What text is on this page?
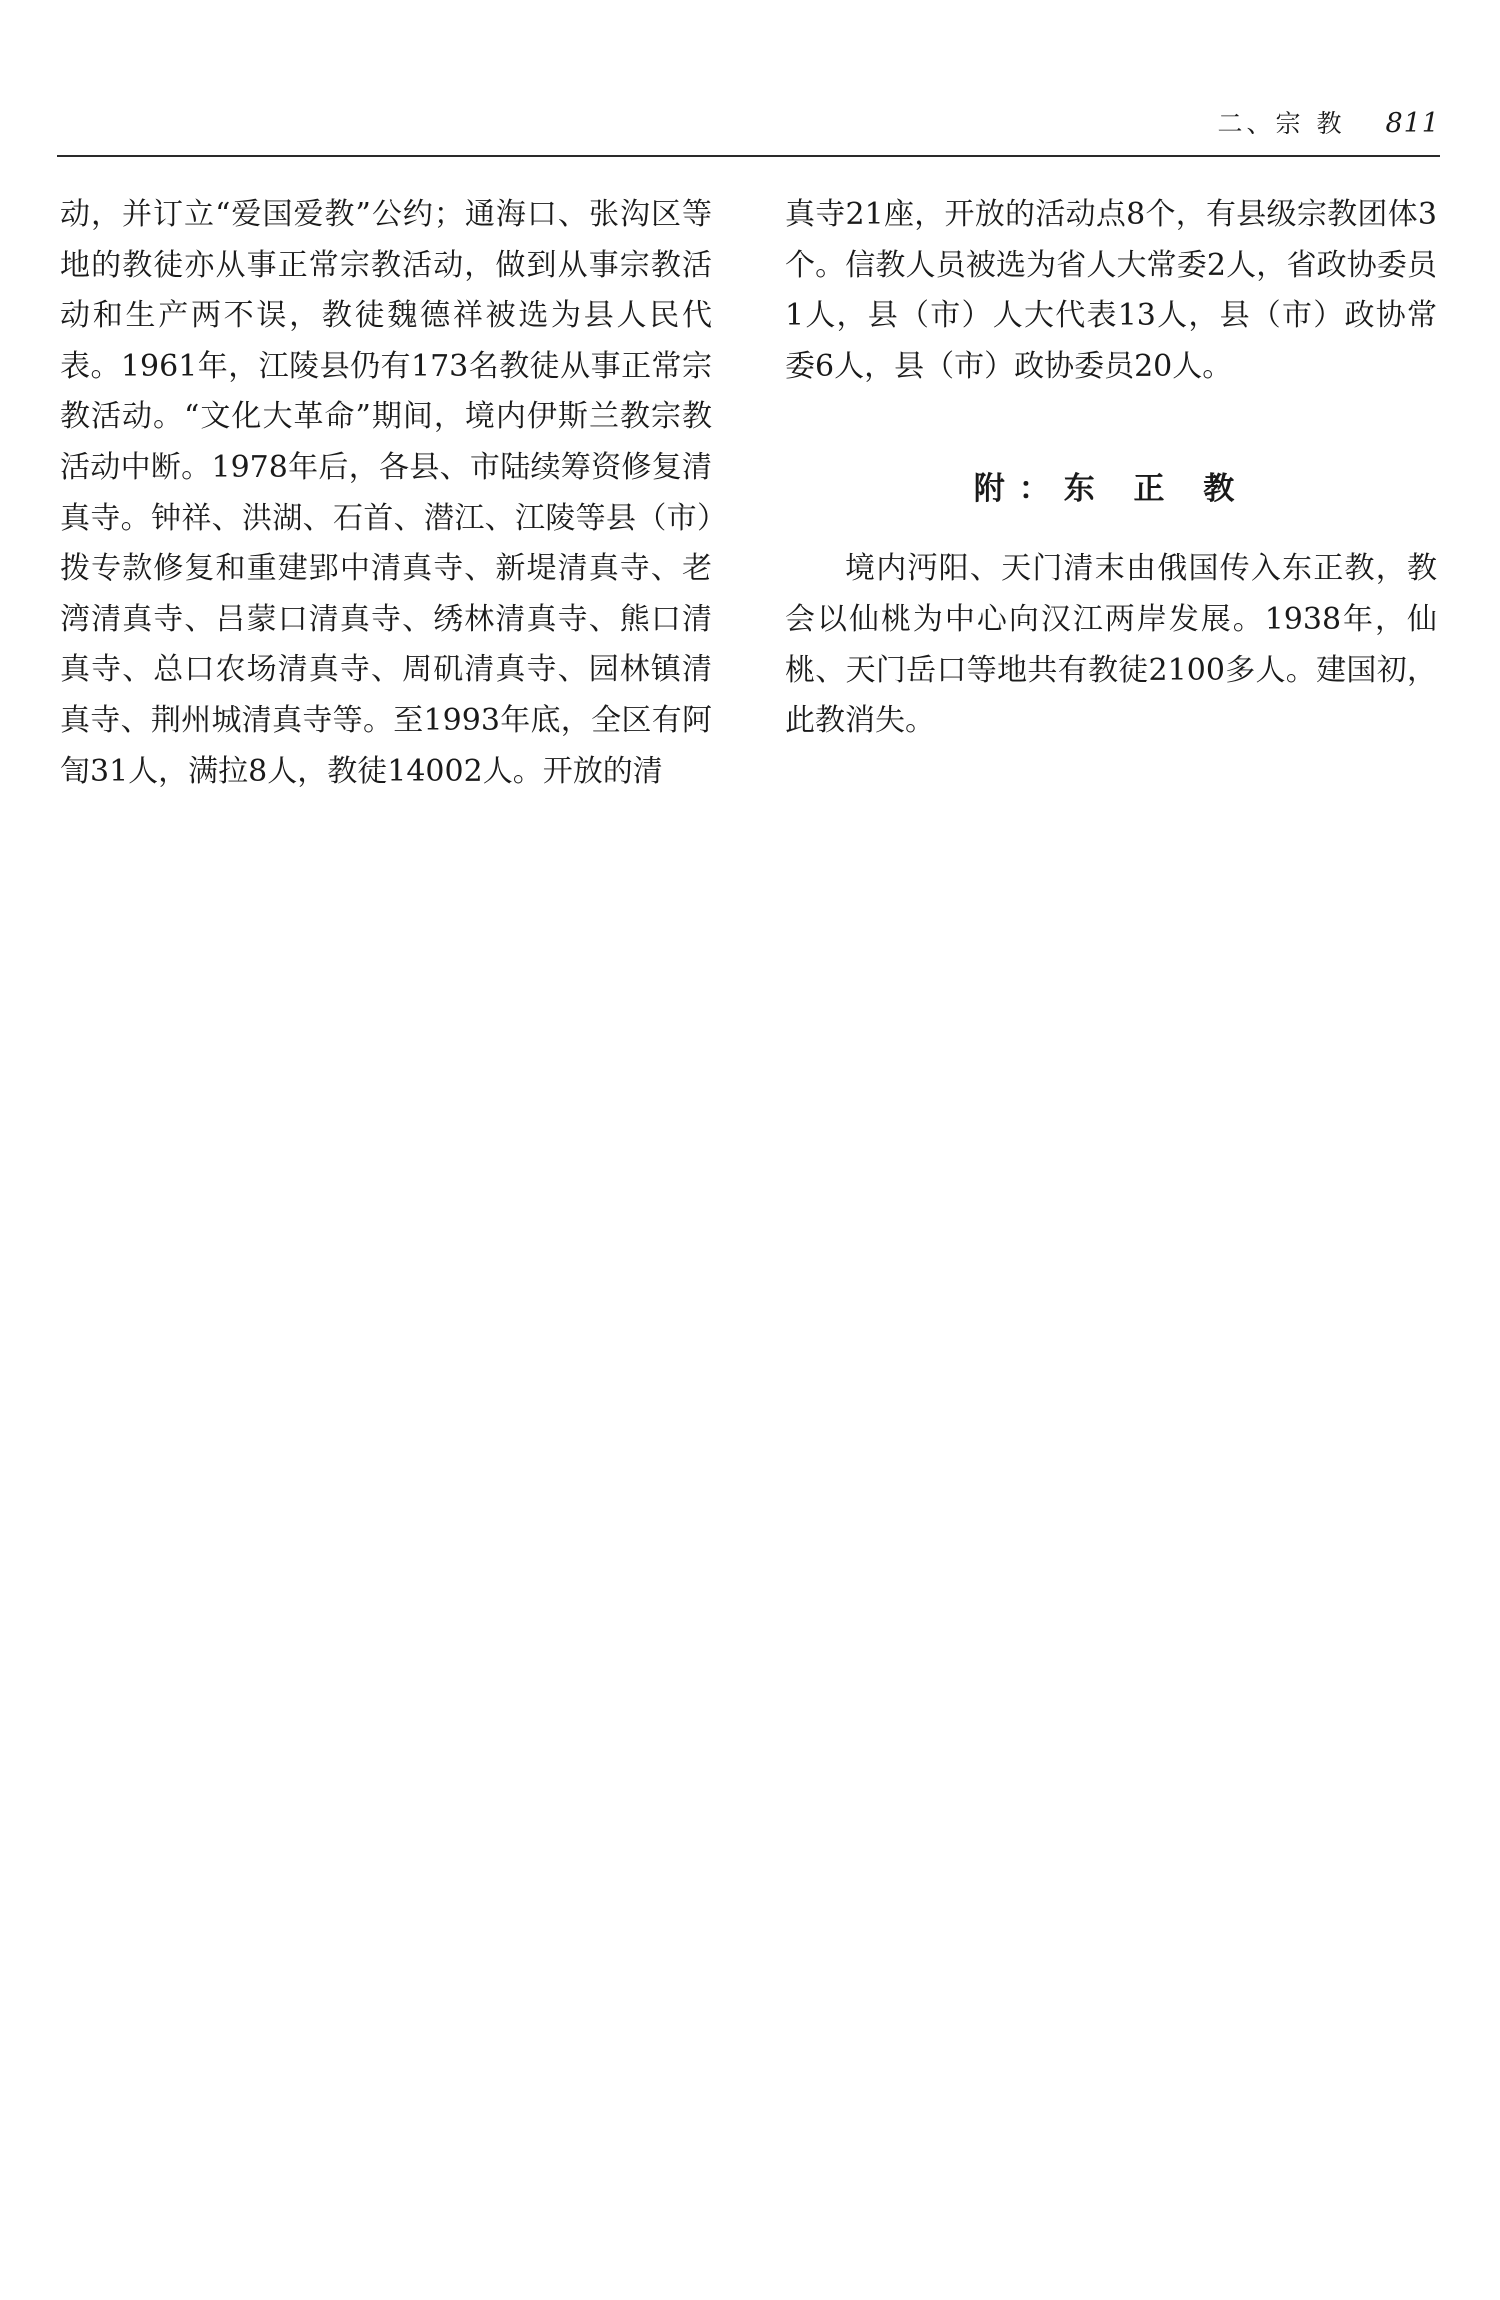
二、宗 教 811

动，并订立“爱国爱教”公约；通海口、张沟区等地的教徒亦从事正常宗教活动，做到从事宗教活动和生产两不误，教徒魏德祥被选为县人民代表。1961年，江陵县仍有173名教徒从事正常宗教活动。“文化大革命”期间，境内伊斯兰教宗教活动中断。1978年后，各县、市陆续筹资修复清真寺。钟祥、洪湖、石首、潜江、江陵等县（市）拨专款修复和重建郢中清真寺、新堤清真寺、老湾清真寺、吕蒙口清真寺、绣林清真寺、熊口清真寺、总口农场清真寺、周矶清真寺、园林镇清真寺、荆州城清真寺等。至1993年底，全区有阿訇31人，满拉8人，教徒14002人。开放的清

真寺21座，开放的活动点8个，有县级宗教团体3个。信教人员被选为省人大常委2人，省政协委员1人，县（市）人大代表13人，县（市）政协常委6人，县（市）政协委员20人。

附：东 正 教

境内沔阳、天门清末由俄国传入东正教，教会以仙桃为中心向汉江两岸发展。1938年，仙桃、天门岳口等地共有教徒2100多人。建国初，此教消失。
